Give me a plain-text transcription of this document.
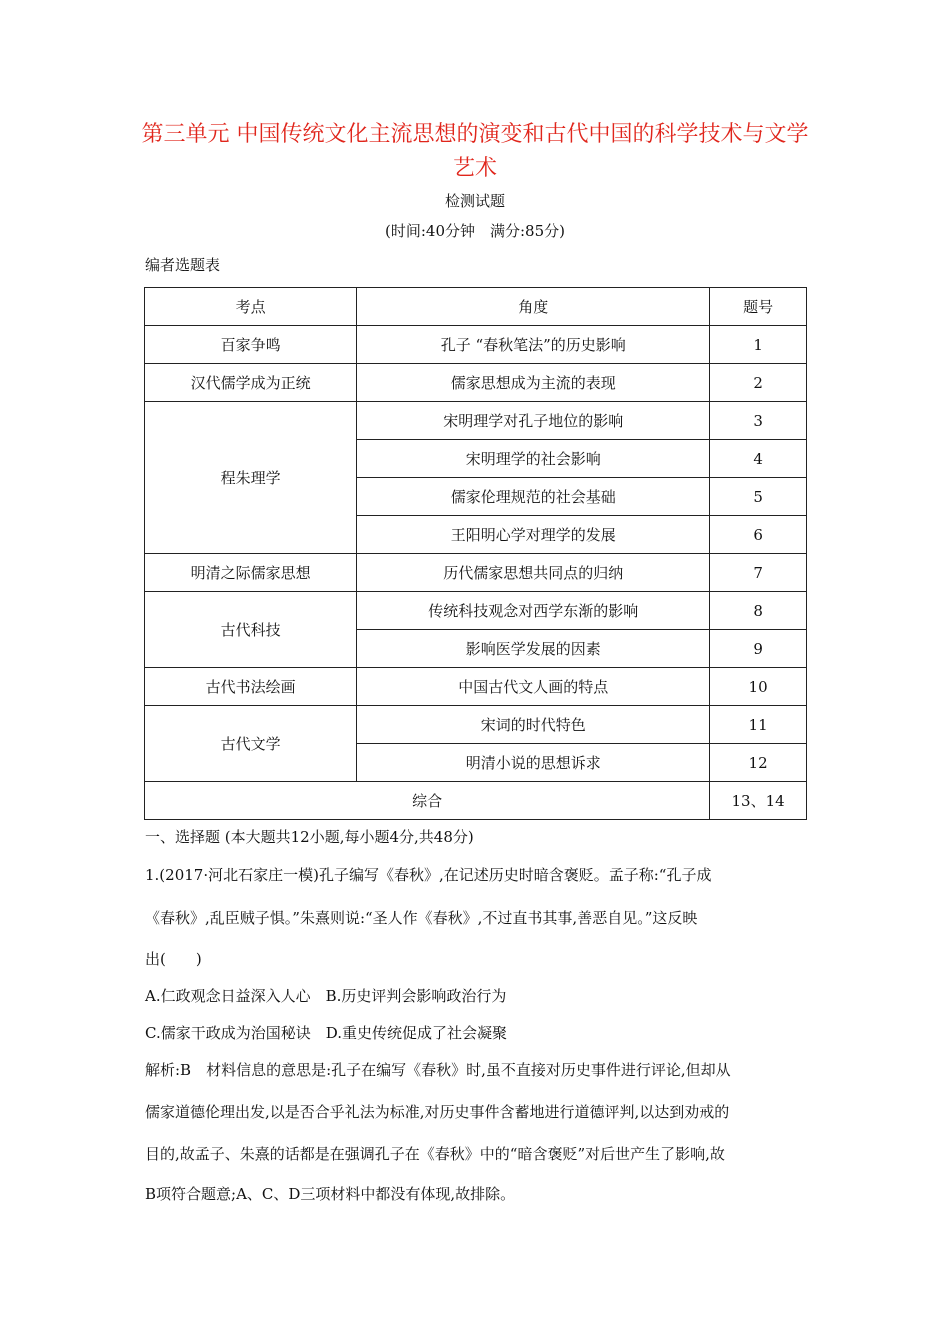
第三单元 中国传统文化主流思想的演变和古代中国的科学技术与文学艺术
检测试题
(时间:40分钟　满分:85分)
编者选题表
考点	角度	题号
百家争鸣	孔子 “春秋笔法”的历史影响	1
汉代儒学成为正统	儒家思想成为主流的表现	2
程朱理学	宋明理学对孔子地位的影响	3
	宋明理学的社会影响	4
	儒家伦理规范的社会基础	5
	王阳明心学对理学的发展	6
明清之际儒家思想	历代儒家思想共同点的归纳	7
古代科技	传统科技观念对西学东渐的影响	8
	影响医学发展的因素	9
古代书法绘画	中国古代文人画的特点	10
古代文学	宋词的时代特色	11
	明清小说的思想诉求	12
综合		13、14
一、选择题 (本大题共12小题,每小题4分,共48分)
1.(2017·河北石家庄一模)孔子编写《春秋》,在记述历史时暗含褒贬。孟子称:“孔子成
《春秋》,乱臣贼子惧。”朱熹则说:“圣人作《春秋》,不过直书其事,善恶自见。”这反映
出(　　)
A.仁政观念日益深入人心　B.历史评判会影响政治行为
C.儒家干政成为治国秘诀　D.重史传统促成了社会凝聚
解析:B　材料信息的意思是:孔子在编写《春秋》时,虽不直接对历史事件进行评论,但却从
儒家道德伦理出发,以是否合乎礼法为标准,对历史事件含蓄地进行道德评判,以达到劝戒的
目的,故孟子、朱熹的话都是在强调孔子在《春秋》中的“暗含褒贬”对后世产生了影响,故
B项符合题意;A、C、D三项材料中都没有体现,故排除。
